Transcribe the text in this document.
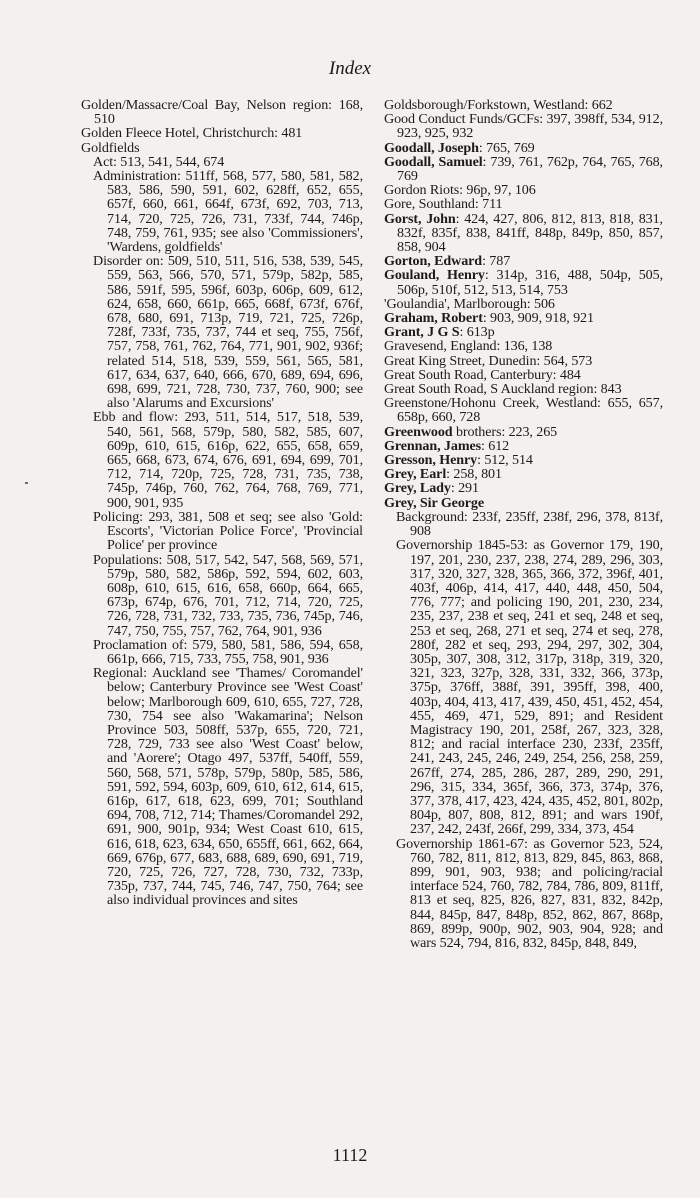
Index
Golden/Massacre/Coal Bay, Nelson region: 168, 510
Golden Fleece Hotel, Christchurch: 481
Goldfields
Act: 513, 541, 544, 674
Administration: 511ff, 568, 577, 580, 581, 582, 583, 586, 590, 591, 602, 628ff, 652, 655, 657f, 660, 661, 664f, 673f, 692, 703, 713, 714, 720, 725, 726, 731, 733f, 744, 746p, 748, 759, 761, 935; see also 'Commissioners', 'Wardens, goldfields'
Disorder on: 509, 510, 511, 516, 538, 539, 545, 559, 563, 566, 570, 571, 579p, 582p, 585, 586, 591f, 595, 596f, 603p, 606p, 609, 612, 624, 658, 660, 661p, 665, 668f, 673f, 676f, 678, 680, 691, 713p, 719, 721, 725, 726p, 728f, 733f, 735, 737, 744 et seq, 755, 756f, 757, 758, 761, 762, 764, 771, 901, 902, 936f; related 514, 518, 539, 559, 561, 565, 581, 617, 634, 637, 640, 666, 670, 689, 694, 696, 698, 699, 721, 728, 730, 737, 760, 900; see also 'Alarums and Excursions'
Ebb and flow: 293, 511, 514, 517, 518, 539, 540, 561, 568, 579p, 580, 582, 585, 607, 609p, 610, 615, 616p, 622, 655, 658, 659, 665, 668, 673, 674, 676, 691, 694, 699, 701, 712, 714, 720p, 725, 728, 731, 735, 738, 745p, 746p, 760, 762, 764, 768, 769, 771, 900, 901, 935
Policing: 293, 381, 508 et seq; see also 'Gold: Escorts', 'Victorian Police Force', 'Provincial Police' per province
Populations: 508, 517, 542, 547, 568, 569, 571, 579p, 580, 582, 586p, 592, 594, 602, 603, 608p, 610, 615, 616, 658, 660p, 664, 665, 673p, 674p, 676, 701, 712, 714, 720, 725, 726, 728, 731, 732, 733, 735, 736, 745p, 746, 747, 750, 755, 757, 762, 764, 901, 936
Proclamation of: 579, 580, 581, 586, 594, 658, 661p, 666, 715, 733, 755, 758, 901, 936
Regional: Auckland see 'Thames/ Coromandel' below; Canterbury Province see 'West Coast' below; Marlborough 609, 610, 655, 727, 728, 730, 754 see also 'Wakamarina'; Nelson Province 503, 508ff, 537p, 655, 720, 721, 728, 729, 733 see also 'West Coast' below, and 'Aorere'; Otago 497, 537ff, 540ff, 559, 560, 568, 571, 578p, 579p, 580p, 585, 586, 591, 592, 594, 603p, 609, 610, 612, 614, 615, 616p, 617, 618, 623, 699, 701; Southland 694, 708, 712, 714; Thames/Coromandel 292, 691, 900, 901p, 934; West Coast 610, 615, 616, 618, 623, 634, 650, 655ff, 661, 662, 664, 669, 676p, 677, 683, 688, 689, 690, 691, 719, 720, 725, 726, 727, 728, 730, 732, 733p, 735p, 737, 744, 745, 746, 747, 750, 764; see also individual provinces and sites
Goldsborough/Forkstown, Westland: 662
Good Conduct Funds/GCFs: 397, 398ff, 534, 912, 923, 925, 932
Goodall, Joseph: 765, 769
Goodall, Samuel: 739, 761, 762p, 764, 765, 768, 769
Gordon Riots: 96p, 97, 106
Gore, Southland: 711
Gorst, John: 424, 427, 806, 812, 813, 818, 831, 832f, 835f, 838, 841ff, 848p, 849p, 850, 857, 858, 904
Gorton, Edward: 787
Gouland, Henry: 314p, 316, 488, 504p, 505, 506p, 510f, 512, 513, 514, 753
'Goulandia', Marlborough: 506
Graham, Robert: 903, 909, 918, 921
Grant, J G S: 613p
Gravesend, England: 136, 138
Great King Street, Dunedin: 564, 573
Great South Road, Canterbury: 484
Great South Road, S Auckland region: 843
Greenstone/Hohonu Creek, Westland: 655, 657, 658p, 660, 728
Greenwood brothers: 223, 265
Grennan, James: 612
Gresson, Henry: 512, 514
Grey, Earl: 258, 801
Grey, Lady: 291
Grey, Sir George
Background: 233f, 235ff, 238f, 296, 378, 813f, 908
Governorship 1845-53: as Governor 179, 190, 197, 201, 230, 237, 238, 274, 289, 296, 303, 317, 320, 327, 328, 365, 366, 372, 396f, 401, 403f, 406p, 414, 417, 440, 448, 450, 504, 776, 777; and policing 190, 201, 230, 234, 235, 237, 238 et seq, 241 et seq, 248 et seq, 253 et seq, 268, 271 et seq, 274 et seq, 278, 280f, 282 et seq, 293, 294, 297, 302, 304, 305p, 307, 308, 312, 317p, 318p, 319, 320, 321, 323, 327p, 328, 331, 332, 366, 373p, 375p, 376ff, 388f, 391, 395ff, 398, 400, 403p, 404, 413, 417, 439, 450, 451, 452, 454, 455, 469, 471, 529, 891; and Resident Magistracy 190, 201, 258f, 267, 323, 328, 812; and racial interface 230, 233f, 235ff, 241, 243, 245, 246, 249, 254, 256, 258, 259, 267ff, 274, 285, 286, 287, 289, 290, 291, 296, 315, 334, 365f, 366, 373, 374p, 376, 377, 378, 417, 423, 424, 435, 452, 801, 802p, 804p, 807, 808, 812, 891; and wars 190f, 237, 242, 243f, 266f, 299, 334, 373, 454
Governorship 1861-67: as Governor 523, 524, 760, 782, 811, 812, 813, 829, 845, 863, 868, 899, 901, 903, 938; and policing/racial interface 524, 760, 782, 784, 786, 809, 811ff, 813 et seq, 825, 826, 827, 831, 832, 842p, 844, 845p, 847, 848p, 852, 862, 867, 868p, 869, 899p, 900p, 902, 903, 904, 928; and wars 524, 794, 816, 832, 845p, 848, 849,
1112
